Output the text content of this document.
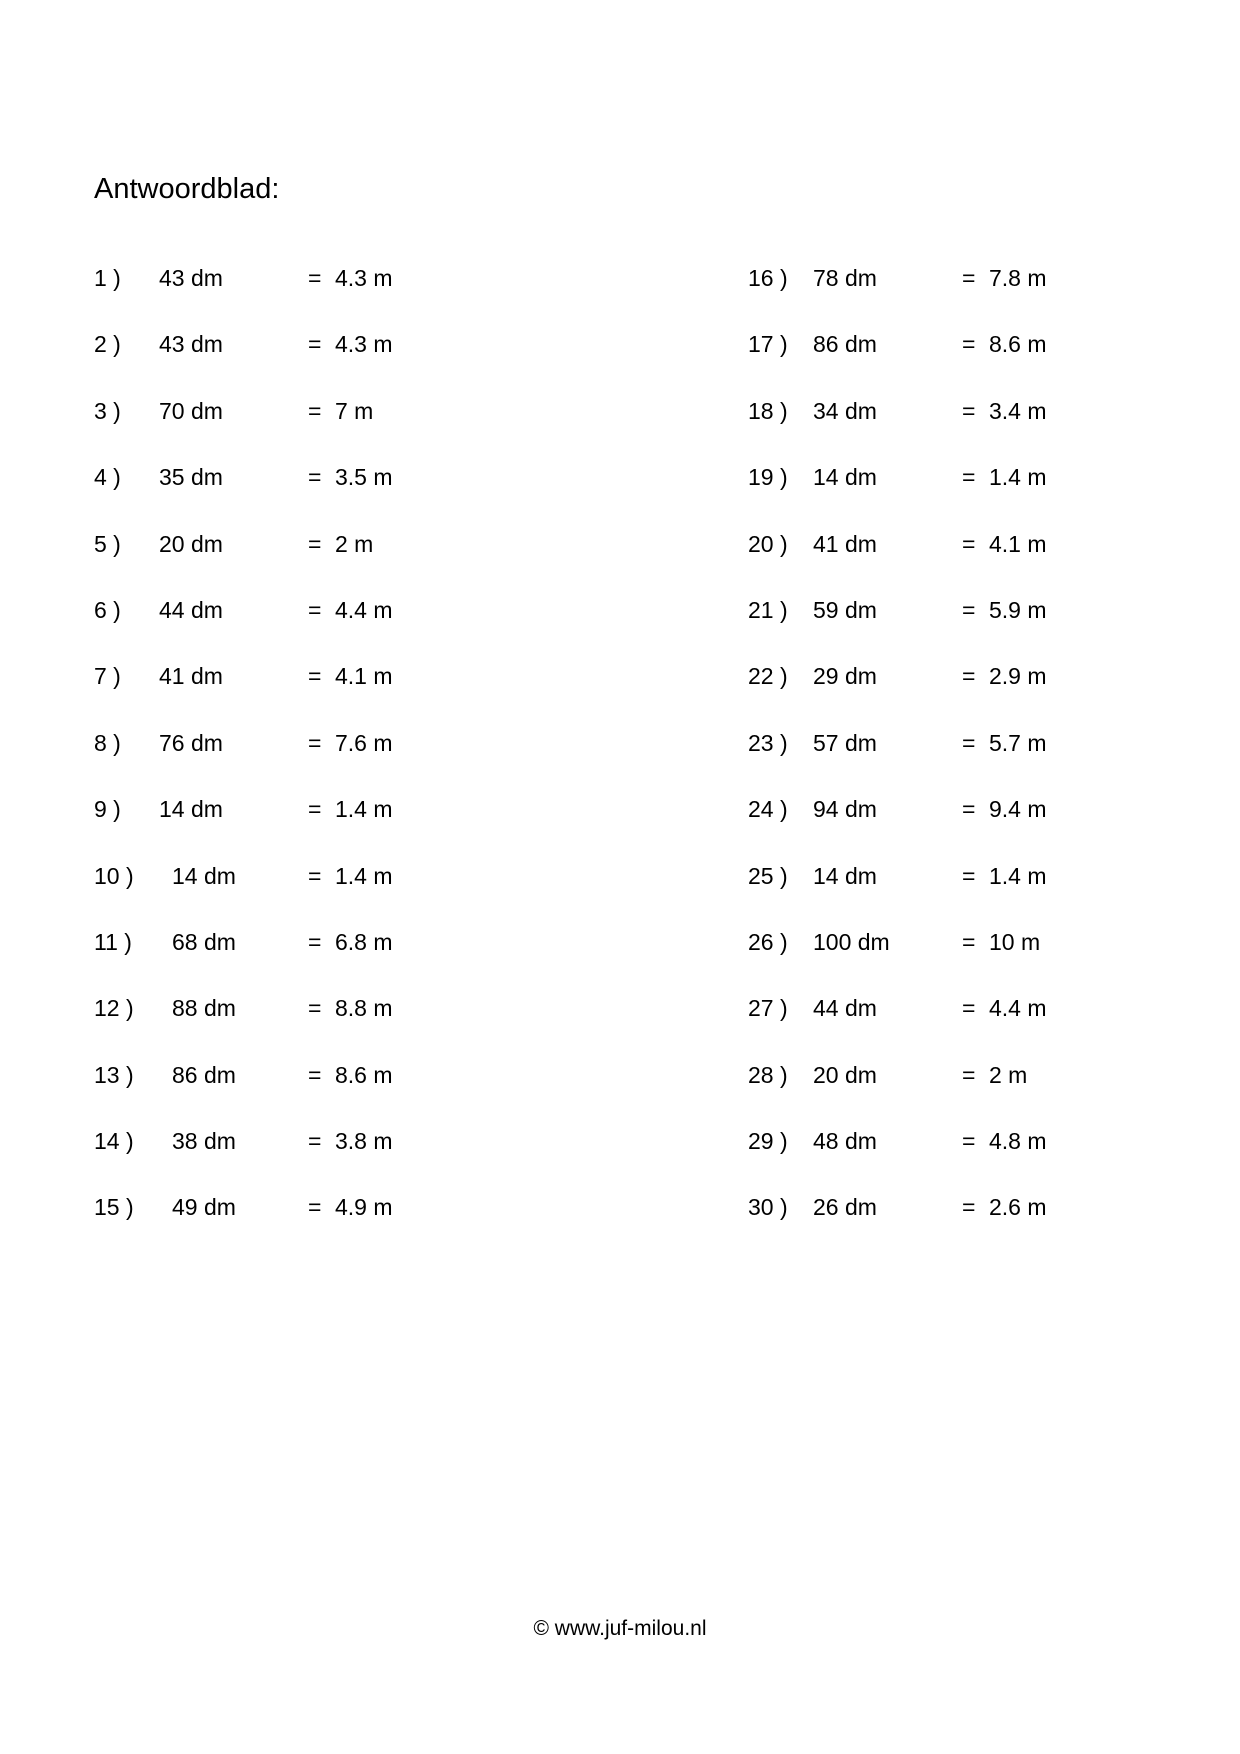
Antwoordblad:
1 ) 43 dm	= 4.3 m
2 ) 43 dm	= 4.3 m
3 ) 70 dm	= 7 m
4 ) 35 dm	= 3.5 m
5 ) 20 dm	= 2 m
6 ) 44 dm	= 4.4 m
7 ) 41 dm	= 4.1 m
8 ) 76 dm	= 7.6 m
9 ) 14 dm	= 1.4 m
10 ) 14 dm	= 1.4 m
11 ) 68 dm	= 6.8 m
12 ) 88 dm	= 8.8 m
13 ) 86 dm	= 8.6 m
14 ) 38 dm	= 3.8 m
15 ) 49 dm	= 4.9 m
16 ) 78 dm	= 7.8 m
17 ) 86 dm	= 8.6 m
18 ) 34 dm	= 3.4 m
19 ) 14 dm	= 1.4 m
20 ) 41 dm	= 4.1 m
21 ) 59 dm	= 5.9 m
22 ) 29 dm	= 2.9 m
23 ) 57 dm	= 5.7 m
24 ) 94 dm	= 9.4 m
25 ) 14 dm	= 1.4 m
26 ) 100 dm	= 10 m
27 ) 44 dm	= 4.4 m
28 ) 20 dm	= 2 m
29 ) 48 dm	= 4.8 m
30 ) 26 dm	= 2.6 m
© www.juf-milou.nl
